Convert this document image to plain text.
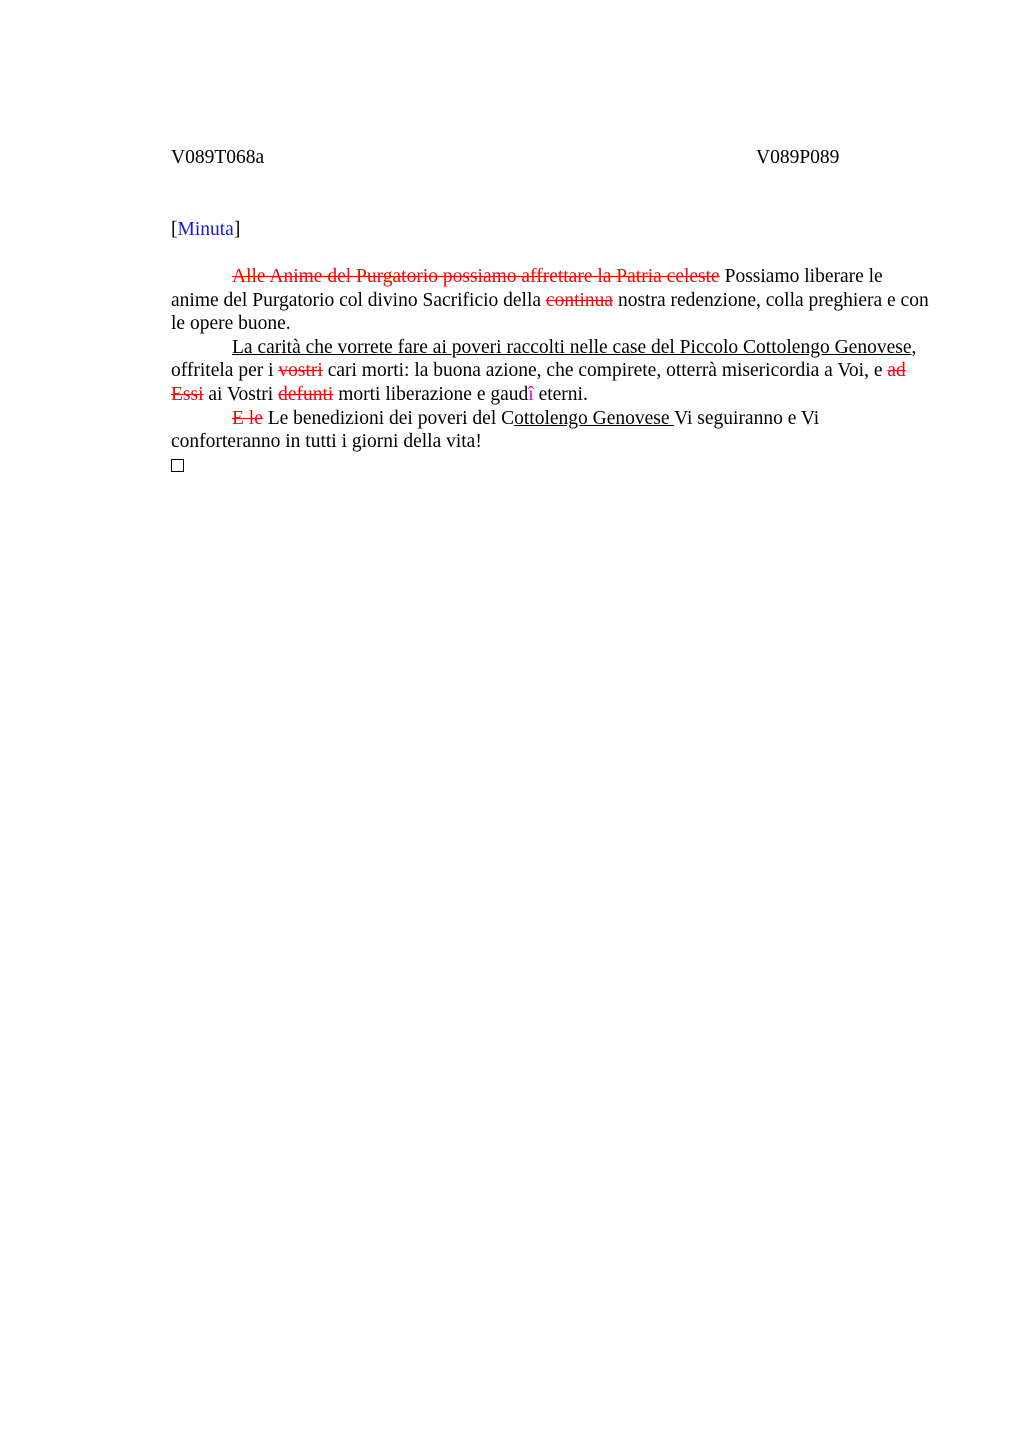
V089T068a	V089P089
[Minuta]

Alle Anime del Purgatorio possiamo affrettare la Patria celeste Possiamo liberare le anime del Purgatorio col divino Sacrificio della continua nostra redenzione, colla preghiera e con le opere buone.

La carità che vorrete fare ai poveri raccolti nelle case del Piccolo Cottolengo Genovese, offritela per i vostri cari morti: la buona azione, che compirete, otterrà misericordia a Voi, e ad Essi ai Vostri defunti morti liberazione e gaudî eterni.

E le Le benedizioni dei poveri del Cottolengo Genovese Vi seguiranno e Vi conforteranno in tutti i giorni della vita!
